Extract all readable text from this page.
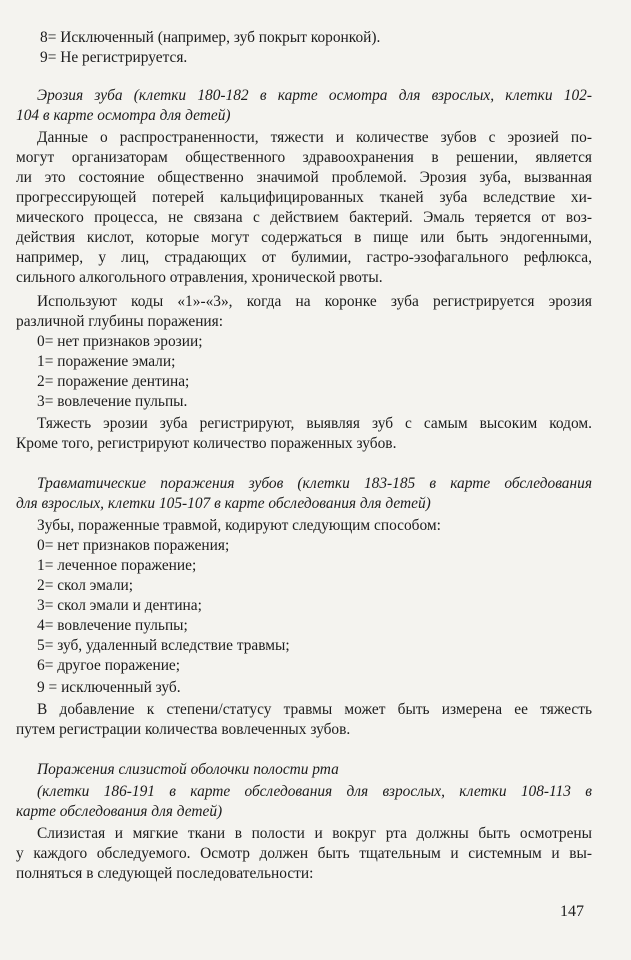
8= Исключенный (например, зуб покрыт коронкой).
9= Не регистрируется.
Эрозия зуба (клетки 180-182 в карте осмотра для взрослых, клетки 102-
104 в карте осмотра для детей)
Данные о распространенности, тяжести и количестве зубов с эрозией по-
могут организаторам общественного здравоохранения в решении, является
ли это состояние общественно значимой проблемой. Эрозия зуба, вызванная
прогрессирующей потерей кальцифицированных тканей зуба вследствие хи-
мического процесса, не связана с действием бактерий. Эмаль теряется от воз-
действия кислот, которые могут содержаться в пище или быть эндогенными,
например, у лиц, страдающих от булимии, гастро-эзофагального рефлюкса,
сильного алкогольного отравления, хронической рвоты.
Используют коды «1»-«3», когда на коронке зуба регистрируется эрозия
различной глубины поражения:
0= нет признаков эрозии;
1= поражение эмали;
2= поражение дентина;
3= вовлечение пульпы.
Тяжесть эрозии зуба регистрируют, выявляя зуб с самым высоким кодом.
Кроме того, регистрируют количество пораженных зубов.
Травматические поражения зубов (клетки 183-185 в карте обследования
для взрослых, клетки 105-107 в карте обследования для детей)
Зубы, пораженные травмой, кодируют следующим способом:
0= нет признаков поражения;
1= леченное поражение;
2= скол эмали;
3= скол эмали и дентина;
4= вовлечение пульпы;
5= зуб, удаленный вследствие травмы;
6= другое поражение;
9 = исключенный зуб.
В добавление к степени/статусу травмы может быть измерена ее тяжесть
путем регистрации количества вовлеченных зубов.
Поражения слизистой оболочки полости рта
(клетки 186-191 в карте обследования для взрослых, клетки 108-113 в
карте обследования для детей)
Слизистая и мягкие ткани в полости и вокруг рта должны быть осмотрены
у каждого обследуемого. Осмотр должен быть тщательным и системным и вы-
полняться в следующей последовательности:
147
